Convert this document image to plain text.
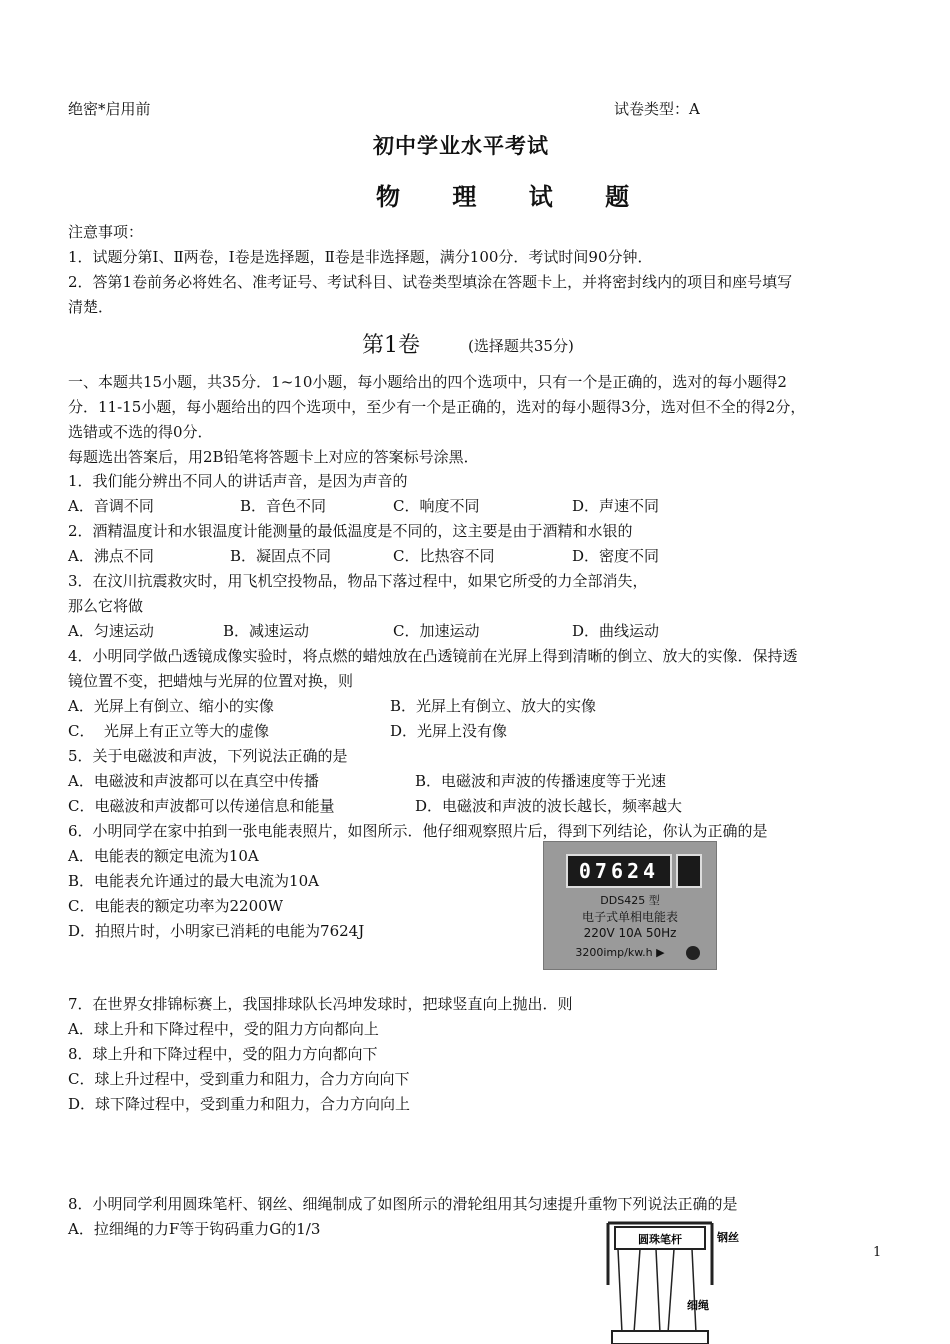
绝密*启用前	试卷类型：A
初中学业水平考试
物 理 试 题
注意事项：
1．试题分第Ⅰ、Ⅱ两卷，I卷是选择题，Ⅱ卷是非选择题，满分100分．考试时间90分钟．
2．答第1卷前务必将姓名、准考证号、考试科目、试卷类型填涂在答题卡上，并将密封线内的项目和座号填写
清楚．
第1卷	(选择题共35分)
一、本题共15小题，共35分．1~10小题，每小题给出的四个选项中，只有一个是正确的，选对的每小题得2
分．11-15小题，每小题给出的四个选项中，至少有一个是正确的，选对的每小题得3分，选对但不全的得2分，
选错或不选的得0分．
每题选出答案后，用2B铅笔将答题卡上对应的答案标号涂黑．
1．我们能分辨出不同人的讲话声音，是因为声音的
A．音调不同	B．音色不同	C．响度不同	D．声速不同
2．酒精温度计和水银温度计能测量的最低温度是不同的，这主要是由于酒精和水银的
A．沸点不同	B．凝固点不同	C．比热容不同	D．密度不同
3．在汶川抗震救灾时，用飞机空投物品，物品下落过程中，如果它所受的力全部消失，
那么它将做
A．匀速运动	B．减速运动	C．加速运动	D．曲线运动
4．小明同学做凸透镜成像实验时，将点燃的蜡烛放在凸透镜前在光屏上得到清晰的倒立、放大的实像．保持透
镜位置不变，把蜡烛与光屏的位置对换，则
A．光屏上有倒立、缩小的实像	B．光屏上有倒立、放大的实像
C．  光屏上有正立等大的虚像	D．光屏上没有像
5．关于电磁波和声波，下列说法正确的是
A．电磁波和声波都可以在真空中传播	B．电磁波和声波的传播速度等于光速
C．电磁波和声波都可以传递信息和能量	D．电磁波和声波的波长越长，频率越大
6．小明同学在家中拍到一张电能表照片，如图所示．他仔细观察照片后，得到下列结论，你认为正确的是
A．电能表的额定电流为10A
B．电能表允许通过的最大电流为10A
C．电能表的额定功率为2200W
D．拍照片时，小明家已消耗的电能为7624J
07624
DDS425 型
电子式单相电能表
220V 10A 50Hz
3200imp/kw.h ▶
7．在世界女排锦标赛上，我国排球队长冯坤发球时，把球竖直向上抛出．则
A．球上升和下降过程中，受的阻力方向都向上
8．球上升和下降过程中，受的阻力方向都向下
C．球上升过程中，受到重力和阻力，合力方向向下
D．球下降过程中，受到重力和阻力，合力方向向上
8．小明同学利用圆珠笔杆、钢丝、细绳制成了如图所示的滑轮组用其匀速提升重物下列说法正确的是
A．拉细绳的力F等于钩码重力G的1/3
圆珠笔杆	钢丝
细绳
1
